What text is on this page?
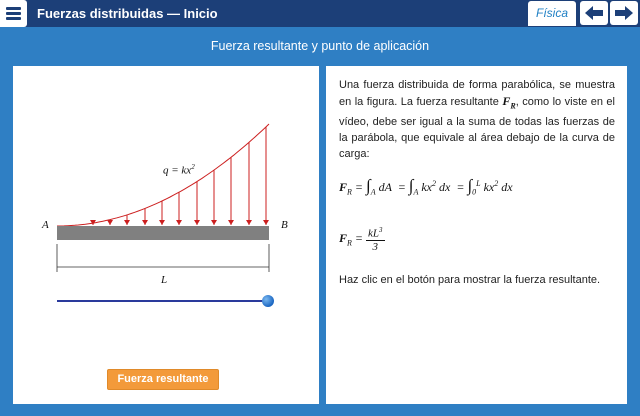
Fuerzas distribuidas — Inicio	Física
Fuerza resultante y punto de aplicación
$q = kx^2$
A	B
L
Fuerza resultante

Una fuerza distribuida de forma parabólica, se muestra en la figura. La fuerza resultante $F_R$, como lo viste en el vídeo, debe ser igual a la suma de todas las fuerzas de la parábola, que equivale al área debajo de la curva de carga:

$F_R = \int_A$ dA  = $\int_A$ $kx^2$ dx  = $\int_0^L$ $kx^2$ dx
$F_R = \frac{kL^3}{3}$
Haz clic en el botón para mostrar la fuerza resultante.
